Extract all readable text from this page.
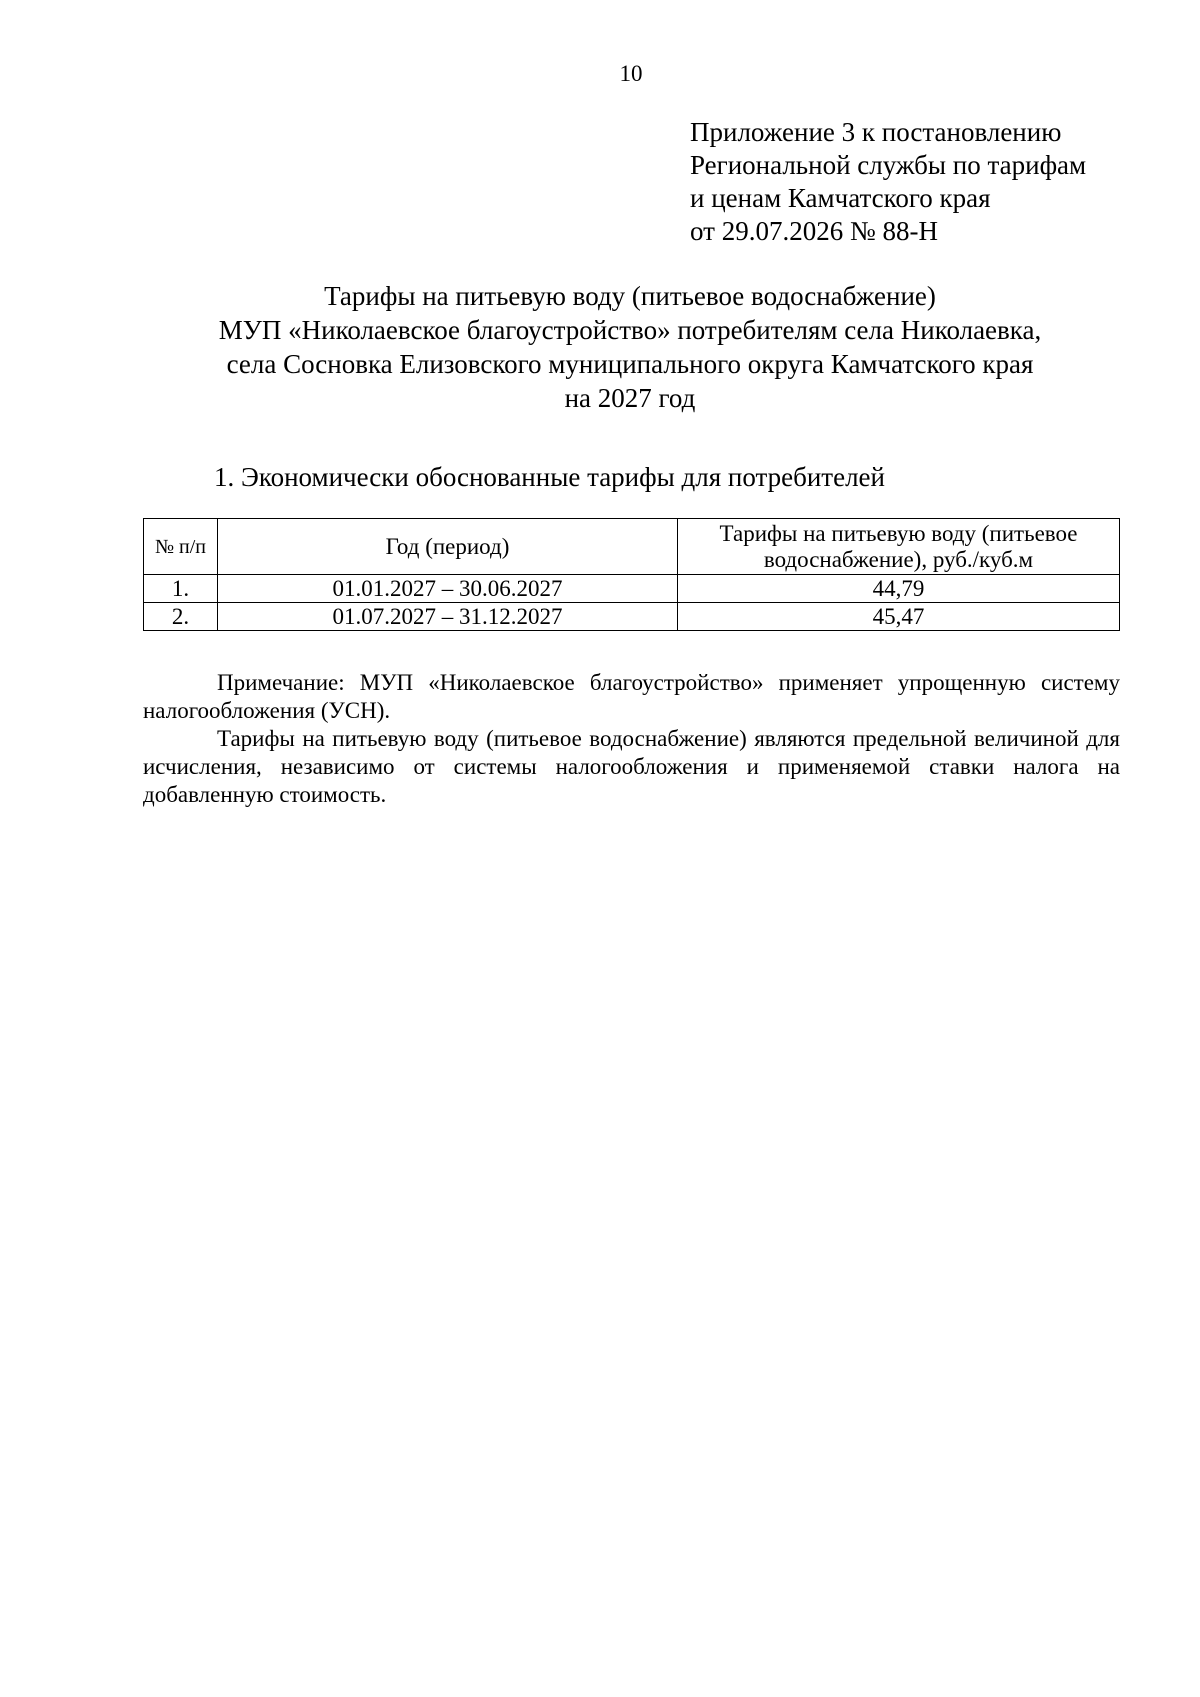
10
Приложение 3 к постановлению
Региональной службы по тарифам
и ценам Камчатского края
от 29.07.2026 № 88-Н
Тарифы на питьевую воду (питьевое водоснабжение)
МУП «Николаевское благоустройство» потребителям села Николаевка,
села Сосновка Елизовского муниципального округа Камчатского края
на 2027 год
1. Экономически обоснованные тарифы для потребителей
№ п/п	Год (период)	Тарифы на питьевую воду (питьевое водоснабжение), руб./куб.м
1.	01.01.2027 – 30.06.2027	44,79
2.	01.07.2027 – 31.12.2027	45,47

Примечание: МУП «Николаевское благоустройство» применяет упрощенную систему налогообложения (УСН).

Тарифы на питьевую воду (питьевое водоснабжение) являются предельной величиной для исчисления, независимо от системы налогообложения и применяемой ставки налога на добавленную стоимость.
